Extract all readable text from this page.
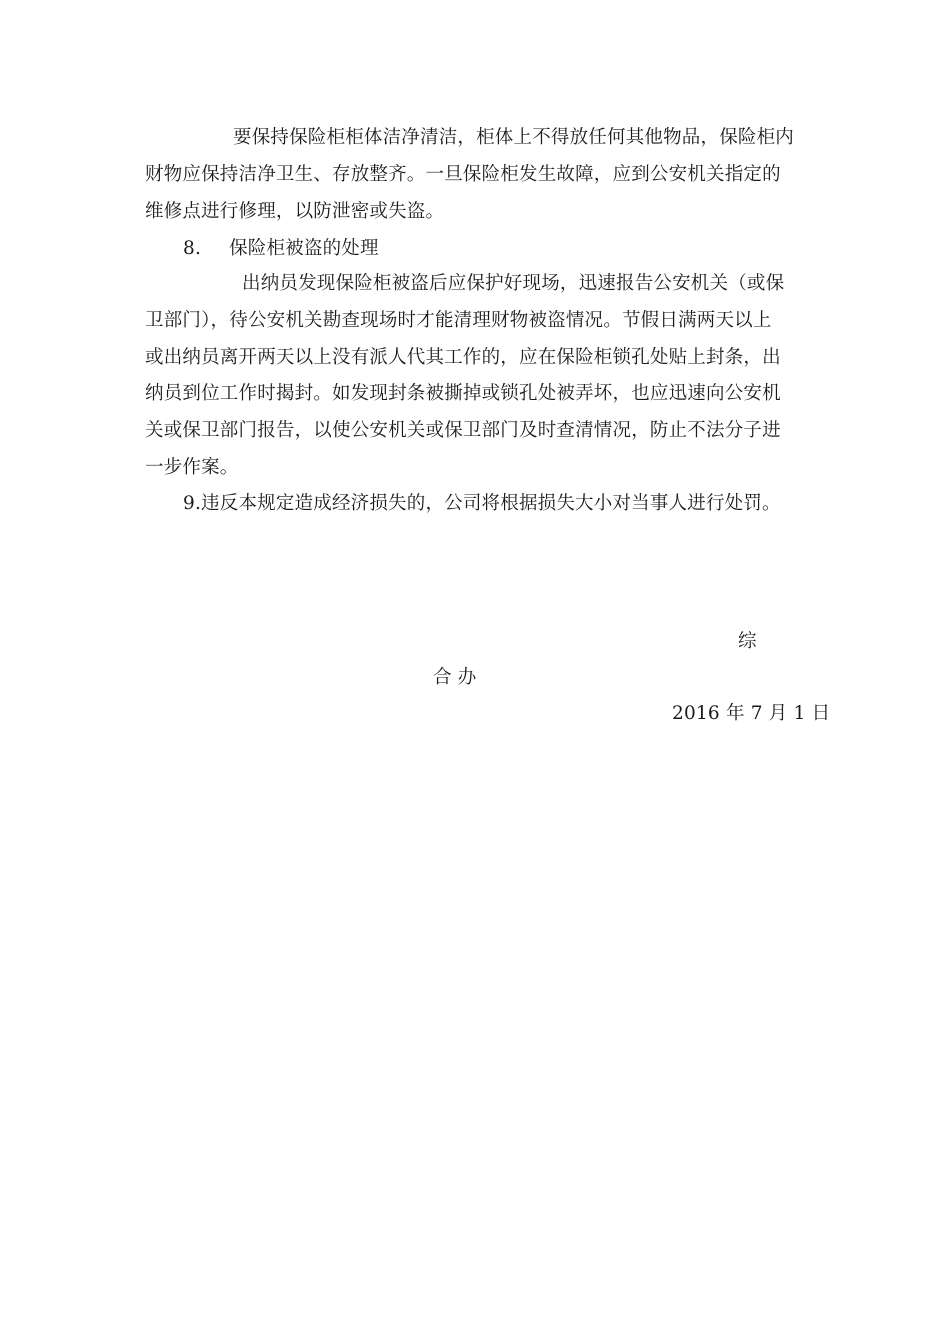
要保持保险柜柜体洁净清洁，柜体上不得放任何其他物品，保险柜内
财物应保持洁净卫生、存放整齐。一旦保险柜发生故障，应到公安机关指定的
维修点进行修理，以防泄密或失盗。
8. 保险柜被盗的处理
出纳员发现保险柜被盗后应保护好现场，迅速报告公安机关（或保
卫部门），待公安机关勘查现场时才能清理财物被盗情况。节假日满两天以上
或出纳员离开两天以上没有派人代其工作的，应在保险柜锁孔处贴上封条，出
纳员到位工作时揭封。如发现封条被撕掉或锁孔处被弄坏，也应迅速向公安机
关或保卫部门报告，以使公安机关或保卫部门及时查清情况，防止不法分子进
一步作案。
9.违反本规定造成经济损失的，公司将根据损失大小对当事人进行处罚。
综
合 办
2016 年 7 月 1 日
